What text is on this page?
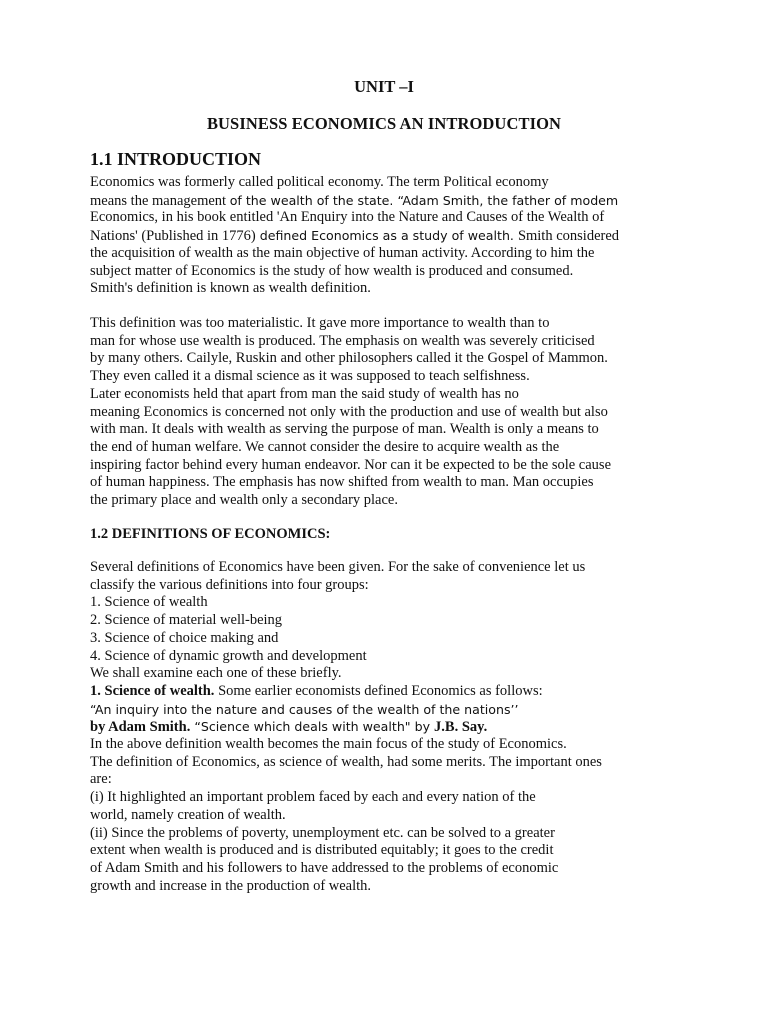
UNIT –I
BUSINESS ECONOMICS AN INTRODUCTION
1.1 INTRODUCTION
Economics was formerly called political economy. The term Political economy
means the management of the wealth of the state. “Adam Smith, the father of modem
Economics, in his book entitled 'An Enquiry into the Nature and Causes of the Wealth of
Nations' (Published in 1776) defined Economics as a study of wealth. Smith considered
the acquisition of wealth as the main objective of human activity. According to him the
subject matter of Economics is the study of how wealth is produced and consumed.
Smith's definition is known as wealth definition.
This definition was too materialistic. It gave more importance to wealth than to
man for whose use wealth is produced. The emphasis on wealth was severely criticised
by many others. Cailyle, Ruskin and other philosophers called it the Gospel of Mammon.
They even called it a dismal science as it was supposed to teach selfishness.
Later economists held that apart from man the said study of wealth has no
meaning Economics is concerned not only with the production and use of wealth but also
with man. It deals with wealth as serving the purpose of man. Wealth is only a means to
the end of human welfare. We cannot consider the desire to acquire wealth as the
inspiring factor behind every human endeavor. Nor can it be expected to be the sole cause
of human happiness. The emphasis has now shifted from wealth to man. Man occupies
the primary place and wealth only a secondary place.
1.2 DEFINITIONS OF ECONOMICS:
Several definitions of Economics have been given. For the sake of convenience let us
classify the various definitions into four groups:
1. Science of wealth
2. Science of material well-being
3. Science of choice making and
4. Science of dynamic growth and development
We shall examine each one of these briefly.
1. Science of wealth. Some earlier economists defined Economics as follows:
“An inquiry into the nature and causes of the wealth of the nations’’
by Adam Smith. “Science which deals with wealth" by J.B. Say.
In the above definition wealth becomes the main focus of the study of Economics.
The definition of Economics, as science of wealth, had some merits. The important ones
are:
(i) It highlighted an important problem faced by each and every nation of the
world, namely creation of wealth.
(ii) Since the problems of poverty, unemployment etc. can be solved to a greater
extent when wealth is produced and is distributed equitably; it goes to the credit
of Adam Smith and his followers to have addressed to the problems of economic
growth and increase in the production of wealth.
